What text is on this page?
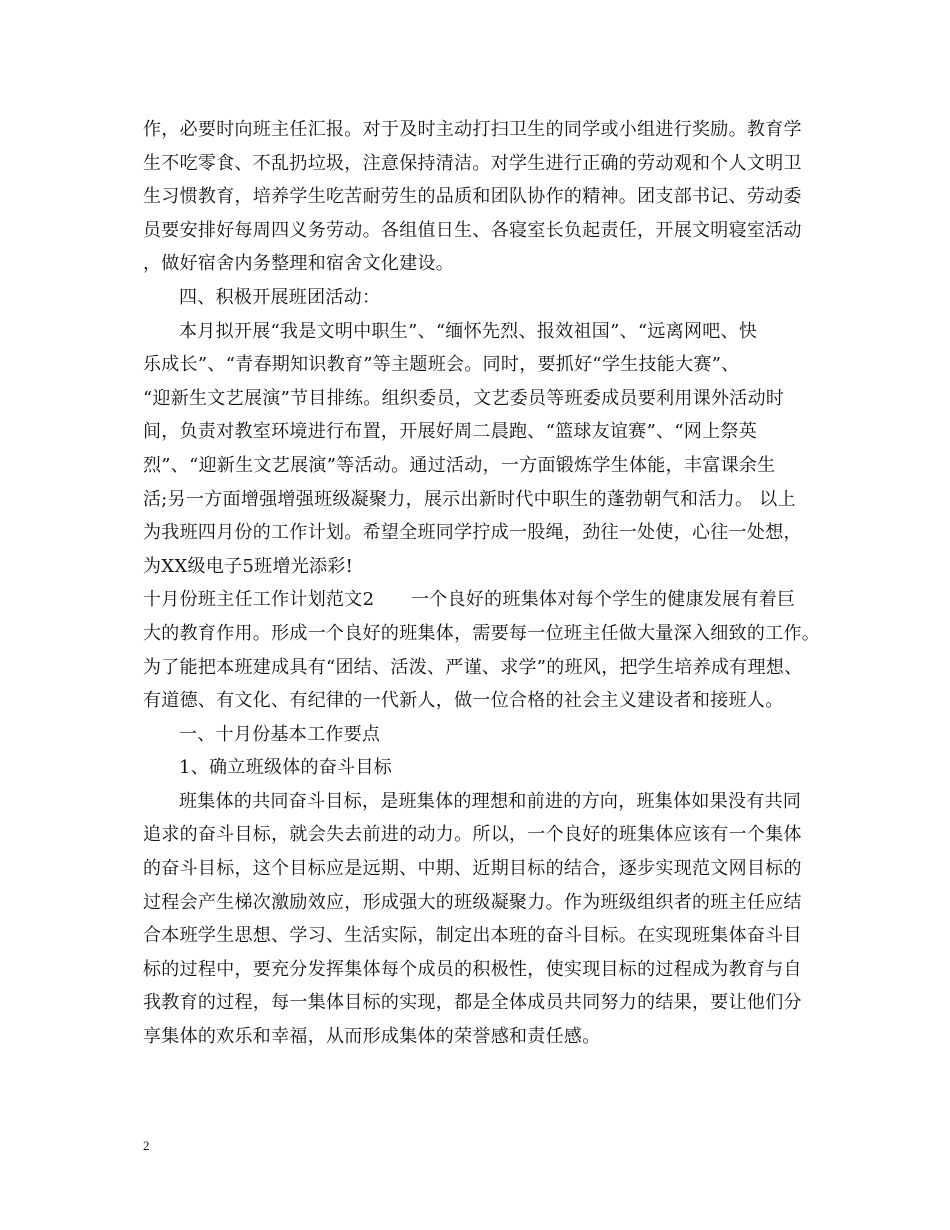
作，必要时向班主任汇报。对于及时主动打扫卫生的同学或小组进行奖励。教育学
生不吃零食、不乱扔垃圾，注意保持清洁。对学生进行正确的劳动观和个人文明卫
生习惯教育，培养学生吃苦耐劳生的品质和团队协作的精神。团支部书记、劳动委
员要安排好每周四义务劳动。各组值日生、各寝室长负起责任，开展文明寝室活动
，做好宿舍内务整理和宿舍文化建设。
四、积极开展班团活动：
本月拟开展“我是文明中职生”、“缅怀先烈、报效祖国”、“远离网吧、快
乐成长”、“青春期知识教育”等主题班会。同时，要抓好“学生技能大赛”、
“迎新生文艺展演”节目排练。组织委员，文艺委员等班委成员要利用课外活动时
间，负责对教室环境进行布置，开展好周二晨跑、“篮球友谊赛”、“网上祭英
烈”、“迎新生文艺展演”等活动。通过活动，一方面锻炼学生体能，丰富课余生
活;另一方面增强增强班级凝聚力，展示出新时代中职生的蓬勃朝气和活力。 以上
为我班四月份的工作计划。希望全班同学拧成一股绳，劲往一处使，心往一处想，
为XX级电子5班增光添彩!
十月份班主任工作计划范文2　　一个良好的班集体对每个学生的健康发展有着巨
大的教育作用。形成一个良好的班集体，需要每一位班主任做大量深入细致的工作。
为了能把本班建成具有“团结、活泼、严谨、求学”的班风，把学生培养成有理想、
有道德、有文化、有纪律的一代新人，做一位合格的社会主义建设者和接班人。
一、十月份基本工作要点
1、确立班级体的奋斗目标
班集体的共同奋斗目标，是班集体的理想和前进的方向，班集体如果没有共同
追求的奋斗目标，就会失去前进的动力。所以，一个良好的班集体应该有一个集体
的奋斗目标，这个目标应是远期、中期、近期目标的结合，逐步实现范文网目标的
过程会产生梯次激励效应，形成强大的班级凝聚力。作为班级组织者的班主任应结
合本班学生思想、学习、生活实际，制定出本班的奋斗目标。在实现班集体奋斗目
标的过程中，要充分发挥集体每个成员的积极性，使实现目标的过程成为教育与自
我教育的过程，每一集体目标的实现，都是全体成员共同努力的结果，要让他们分
享集体的欢乐和幸福，从而形成集体的荣誉感和责任感。
2
